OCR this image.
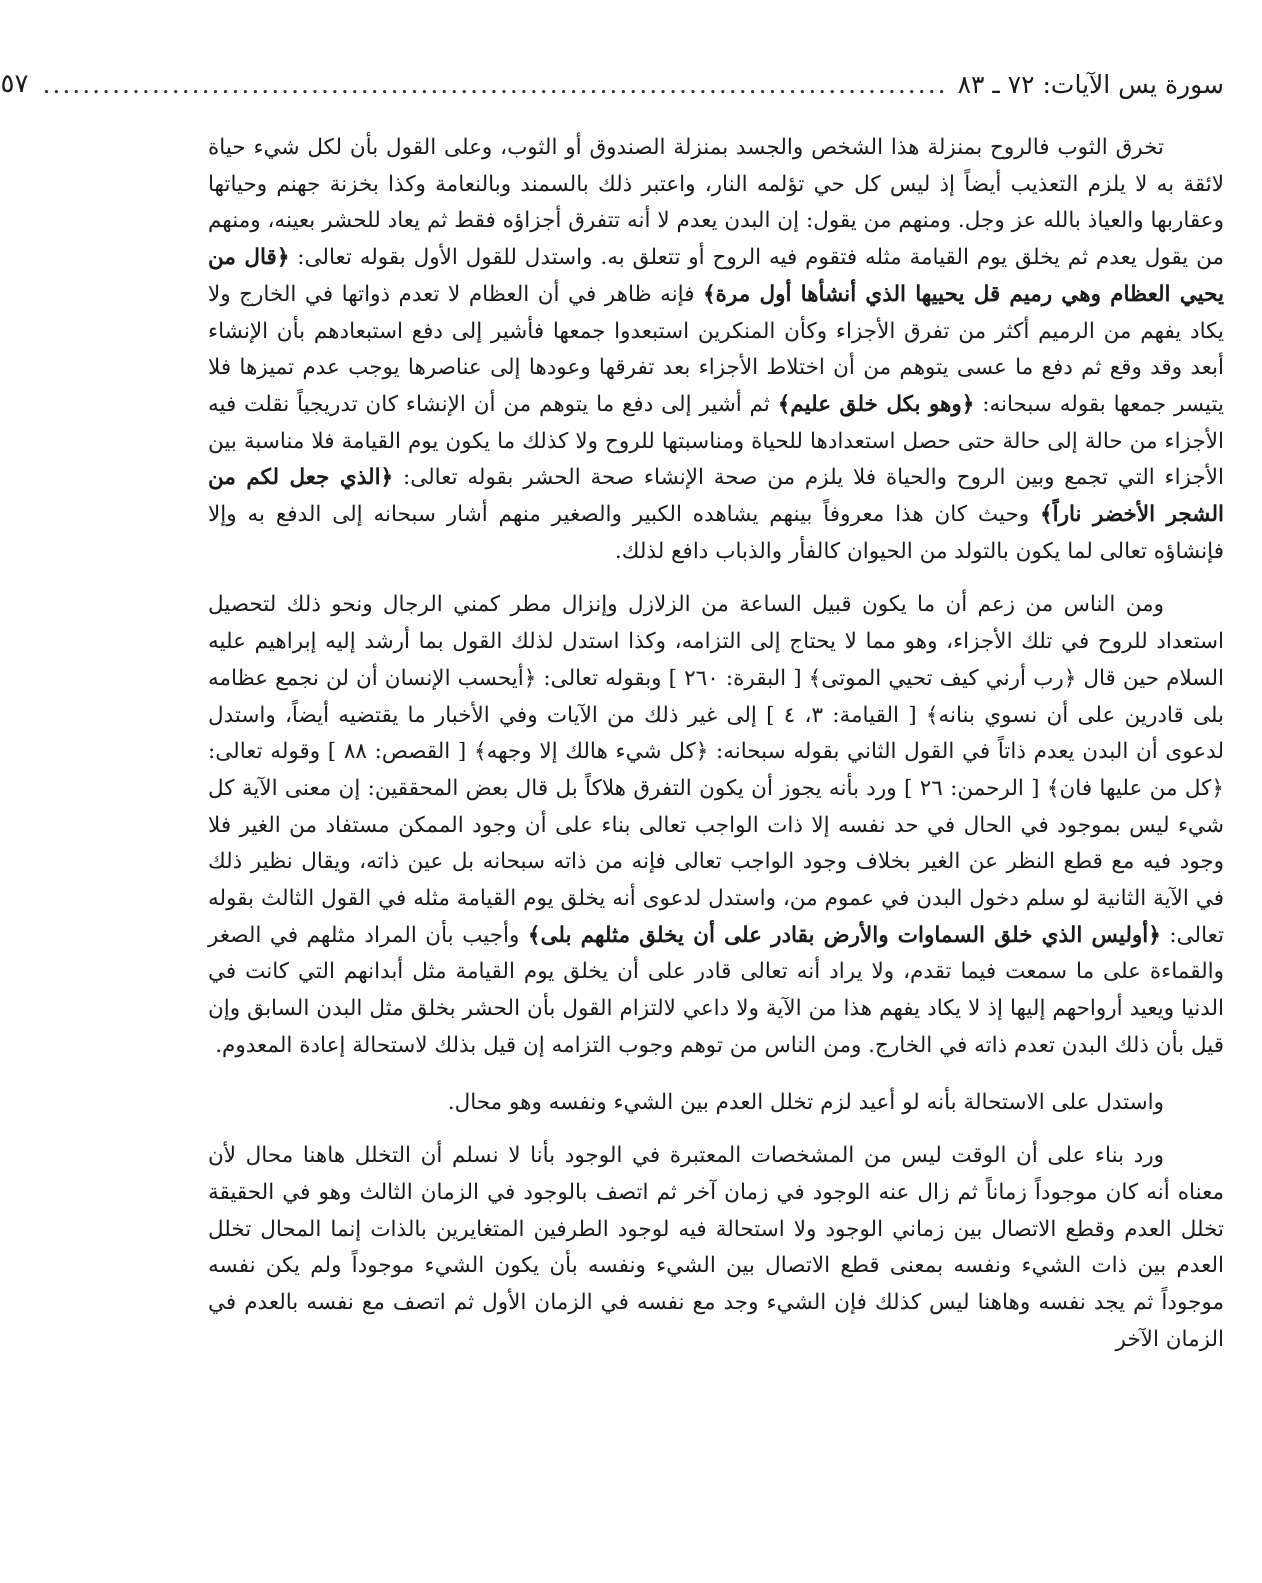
سورة يس الآيات: ٧٢ ـ ٨٣
...........................................................................................
٥٧

تخرق الثوب فالروح بمنزلة هذا الشخص والجسد بمنزلة الصندوق أو الثوب، وعلى القول بأن لكل شيء حياة لائقة به لا يلزم التعذيب أيضاً إذ ليس كل حي تؤلمه النار، واعتبر ذلك بالسمند وبالنعامة وكذا بخزنة جهنم وحياتها وعقاربها والعياذ بالله عز وجل. ومنهم من يقول: إن البدن يعدم لا أنه تتفرق أجزاؤه فقط ثم يعاد للحشر بعينه، ومنهم من يقول يعدم ثم يخلق يوم القيامة مثله فتقوم فيه الروح أو تتعلق به. واستدل للقول الأول بقوله تعالى: ﴿قال من يحيي العظام وهي رميم قل يحييها الذي أنشأها أول مرة﴾ فإنه ظاهر في أن العظام لا تعدم ذواتها في الخارج ولا يكاد يفهم من الرميم أكثر من تفرق الأجزاء وكأن المنكرين استبعدوا جمعها فأشير إلى دفع استبعادهم بأن الإنشاء أبعد وقد وقع ثم دفع ما عسى يتوهم من أن اختلاط الأجزاء بعد تفرقها وعودها إلى عناصرها يوجب عدم تميزها فلا يتيسر جمعها بقوله سبحانه: ﴿وهو بكل خلق عليم﴾ ثم أشير إلى دفع ما يتوهم من أن الإنشاء كان تدريجياً نقلت فيه الأجزاء من حالة إلى حالة حتى حصل استعدادها للحياة ومناسبتها للروح ولا كذلك ما يكون يوم القيامة فلا مناسبة بين الأجزاء التي تجمع وبين الروح والحياة فلا يلزم من صحة الإنشاء صحة الحشر بقوله تعالى: ﴿الذي جعل لكم من الشجر الأخضر ناراً﴾ وحيث كان هذا معروفاً بينهم يشاهده الكبير والصغير منهم أشار سبحانه إلى الدفع به وإلا فإنشاؤه تعالى لما يكون بالتولد من الحيوان كالفأر والذباب دافع لذلك.

ومن الناس من زعم أن ما يكون قبيل الساعة من الزلازل وإنزال مطر كمني الرجال ونحو ذلك لتحصيل استعداد للروح في تلك الأجزاء، وهو مما لا يحتاج إلى التزامه، وكذا استدل لذلك القول بما أرشد إليه إبراهيم عليه السلام حين قال ﴿رب أرني كيف تحيي الموتى﴾ [ البقرة: ٢٦٠ ] وبقوله تعالى: ﴿أيحسب الإنسان أن لن نجمع عظامه بلى قادرين على أن نسوي بنانه﴾ [ القيامة: ٣، ٤ ] إلى غير ذلك من الآيات وفي الأخبار ما يقتضيه أيضاً، واستدل لدعوى أن البدن يعدم ذاتاً في القول الثاني بقوله سبحانه: ﴿كل شيء هالك إلا وجهه﴾ [ القصص: ٨٨ ] وقوله تعالى: ﴿كل من عليها فان﴾ [ الرحمن: ٢٦ ] ورد بأنه يجوز أن يكون التفرق هلاكاً بل قال بعض المحققين: إن معنى الآية كل شيء ليس بموجود في الحال في حد نفسه إلا ذات الواجب تعالى بناء على أن وجود الممكن مستفاد من الغير فلا وجود فيه مع قطع النظر عن الغير بخلاف وجود الواجب تعالى فإنه من ذاته سبحانه بل عين ذاته، ويقال نظير ذلك في الآية الثانية لو سلم دخول البدن في عموم من، واستدل لدعوى أنه يخلق يوم القيامة مثله في القول الثالث بقوله تعالى: ﴿أوليس الذي خلق السماوات والأرض بقادر على أن يخلق مثلهم بلى﴾ وأجيب بأن المراد مثلهم في الصغر والقماءة على ما سمعت فيما تقدم، ولا يراد أنه تعالى قادر على أن يخلق يوم القيامة مثل أبدانهم التي كانت في الدنيا ويعيد أرواحهم إليها إذ لا يكاد يفهم هذا من الآية ولا داعي لالتزام القول بأن الحشر بخلق مثل البدن السابق وإن قيل بأن ذلك البدن تعدم ذاته في الخارج. ومن الناس من توهم وجوب التزامه إن قيل بذلك لاستحالة إعادة المعدوم.

واستدل على الاستحالة بأنه لو أعيد لزم تخلل العدم بين الشيء ونفسه وهو محال.

ورد بناء على أن الوقت ليس من المشخصات المعتبرة في الوجود بأنا لا نسلم أن التخلل هاهنا محال لأن معناه أنه كان موجوداً زماناً ثم زال عنه الوجود في زمان آخر ثم اتصف بالوجود في الزمان الثالث وهو في الحقيقة تخلل العدم وقطع الاتصال بين زماني الوجود ولا استحالة فيه لوجود الطرفين المتغايرين بالذات إنما المحال تخلل العدم بين ذات الشيء ونفسه بمعنى قطع الاتصال بين الشيء ونفسه بأن يكون الشيء موجوداً ولم يكن نفسه موجوداً ثم يجد نفسه وهاهنا ليس كذلك فإن الشيء وجد مع نفسه في الزمان الأول ثم اتصف مع نفسه بالعدم في الزمان الآخر
